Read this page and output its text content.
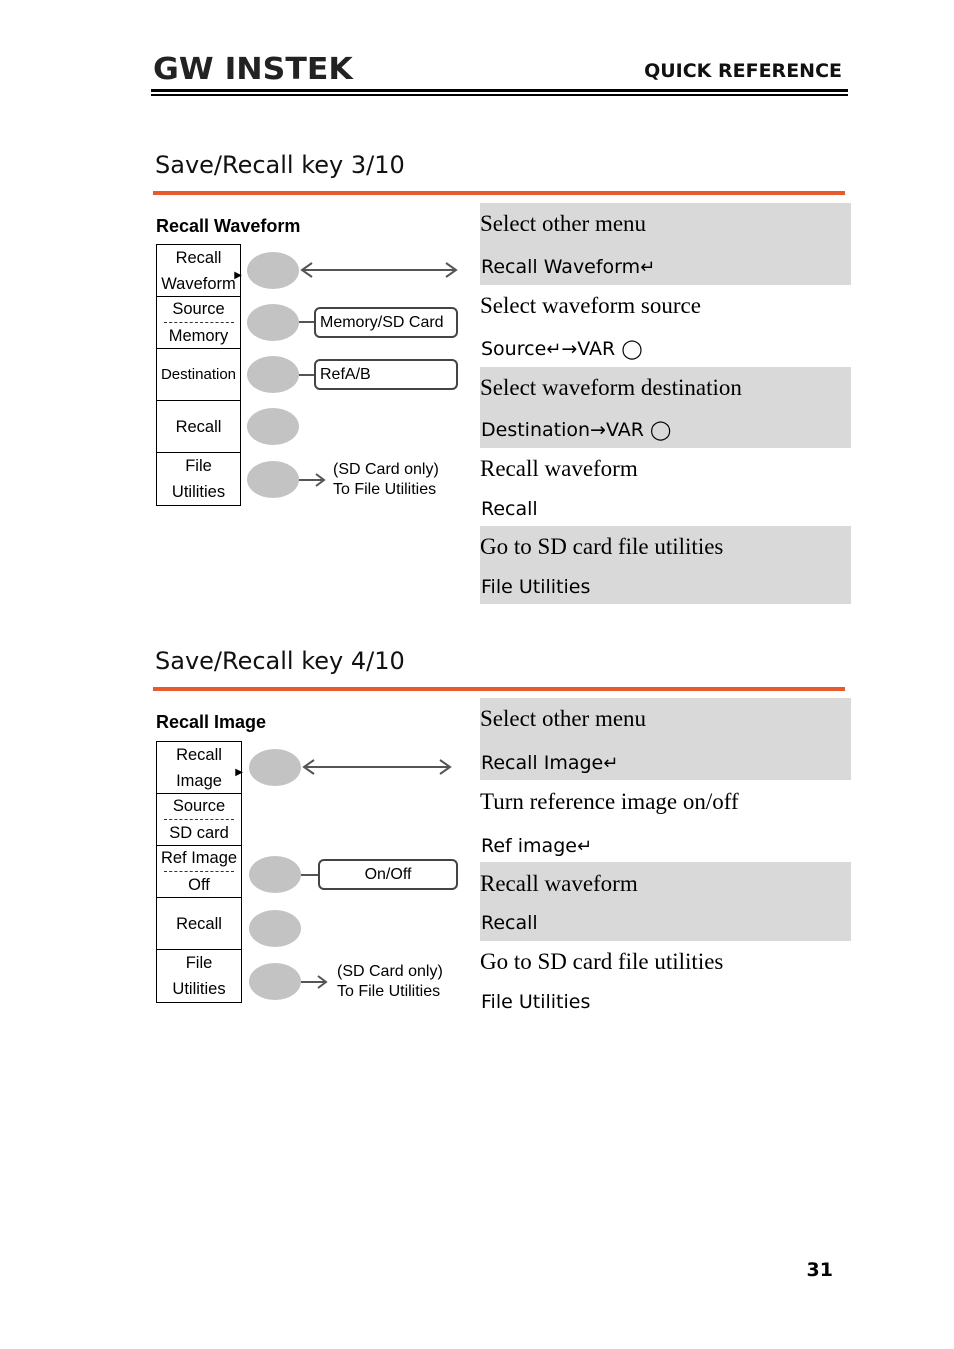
GW INSTEK	QUICK REFERENCE
Save/Recall key 3/10
Recall Waveform
Recall
Waveform
▶
Source
Memory
Destination
Recall
File
Utilities
Memory/SD Card
RefA/B
(SD Card only)
To File Utilities
Select other menu
Recall Waveform↵
Select waveform source
Source↵→VAR ◯
Select waveform destination
Destination→VAR ◯
Recall waveform
Recall
Go to SD card file utilities
File Utilities
Save/Recall key 4/10
Recall Image
Recall
Image ▶
Source
SD card
Ref Image
Off
Recall
File
Utilities
On/Off
(SD Card only)
To File Utilities
Select other menu
Recall Image↵
Turn reference image on/off
Ref image↵
Recall waveform
Recall
Go to SD card file utilities
File Utilities
31
